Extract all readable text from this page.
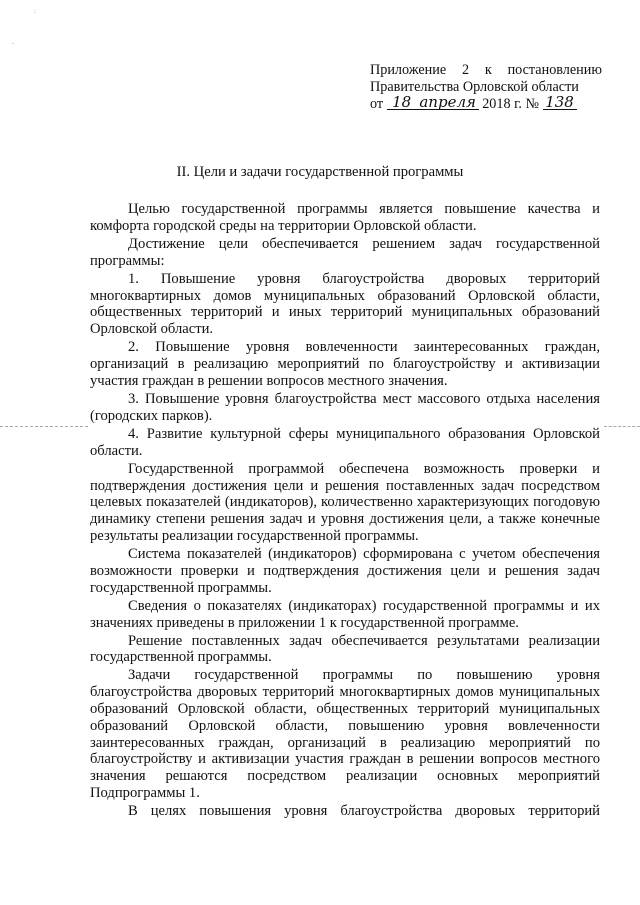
:
-
Приложение 2 к постановлению
Правительства Орловской области
от 18 апреля 2018 г. № 138
II. Цели и задачи государственной программы

Целью государственной программы является повышение качества и комфорта городской среды на территории Орловской области.

Достижение цели обеспечивается решением задач государственной программы:

1. Повышение уровня благоустройства дворовых территорий многоквартирных домов муниципальных образований Орловской области, общественных территорий и иных территорий муниципальных образований Орловской области.

2. Повышение уровня вовлеченности заинтересованных граждан, организаций в реализацию мероприятий по благоустройству и активизации участия граждан в решении вопросов местного значения.

3. Повышение уровня благоустройства мест массового отдыха населения (городских парков).

4. Развитие культурной сферы муниципального образования Орловской области.

Государственной программой обеспечена возможность проверки и подтверждения достижения цели и решения поставленных задач посредством целевых показателей (индикаторов), количественно характеризующих погодовую динамику степени решения задач и уровня достижения цели, а также конечные результаты реализации государственной программы.

Система показателей (индикаторов) сформирована с учетом обеспечения возможности проверки и подтверждения достижения цели и решения задач государственной программы.

Сведения о показателях (индикаторах) государственной программы и их значениях приведены в приложении 1 к государственной программе.

Решение поставленных задач обеспечивается результатами реализации государственной программы.

Задачи государственной программы по повышению уровня благоустройства дворовых территорий многоквартирных домов муниципальных образований Орловской области, общественных территорий муниципальных образований Орловской области, повышению уровня вовлеченности заинтересованных граждан, организаций в реализацию мероприятий по благоустройству и активизации участия граждан в решении вопросов местного значения решаются посредством реализации основных мероприятий Подпрограммы 1.

В целях повышения уровня благоустройства дворовых территорий
